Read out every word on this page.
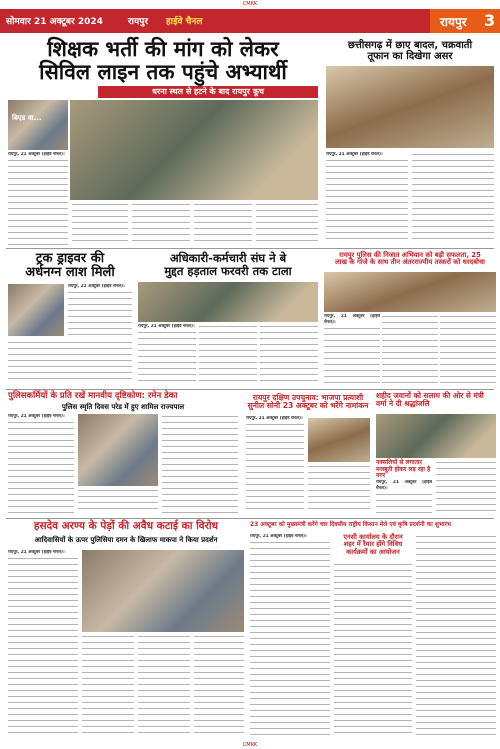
CMKK
सोमवार 21 अक्टूबर 2024	रायपुर हाईवे चैनल	रायपुर 3
शिक्षक भर्ती की मांग को लेकर
सिविल लाइन तक पहुंचे अभ्यार्थी
धरना स्थल से हटने के बाद रायपुर कूच
बिएड वा...
रायपुर, 21 अक्टूबर (हाईवे चैनल)।
छत्तीसगढ़ में छाए बादल, चक्रवाती
तूफान का दिखेगा असर
रायपुर, 21 अक्टूबर (हाईवे चैनल)।
ट्रक ड्राइवर की
अर्धनग्न लाश मिली
रायपुर, 21 अक्टूबर (हाईवे चैनल)।
अधिकारी-कर्मचारी संघ ने बे
मुद्दत हड़ताल फरवरी तक टाला
रायपुर, 21 अक्टूबर (हाईवे चैनल)।
रायपुर पुलिस की निजात अभियान को बड़ी सफलता, 25
लाख के गांजे के साथ तीन अंतरराज्यीय तस्करों को धरदबोचा
रायपुर, 21 अक्टूबर (हाईवे चैनल)।
पुलिसकर्मियों के प्रति रखें मानवीय दृष्टिकोण: रमेन डेका
पुलिस स्मृति दिवस परेड में हुए शामिल राज्यपाल
रायपुर, 21 अक्टूबर (हाईवे चैनल)।
रायपुर दक्षिण उपचुनाव: भाजपा प्रत्याशी
सुनील सोनी 23 अक्टूबर को भरेंगे नामांकन
रायपुर, 21 अक्टूबर (हाईवे चैनल)।
शहीद जवानों को सलाम की ओर से मंत्री वर्मा ने दी श्रद्धांजलि
नक्सलियों से लगातार मजबूती होकर लड़ रहा है नगर
रायपुर, 21 अक्टूबर (हाईवे चैनल)।
हसदेव अरण्य के पेड़ों की अवैध कटाई का विरोध
आदिवासियों के ऊपर पुलिसिया दमन के खिलाफ माकपा ने किया प्रदर्शन
रायपुर, 21 अक्टूबर (हाईवे चैनल)।
23 अक्टूबर को मुख्यमंत्री करेंगे चार दिवसीय राष्ट्रीय किसान मेले एवं कृषि प्रदर्शनी का शुभारंभ
रायपुर, 21 अक्टूबर (हाईवे चैनल)।	एनसी कार्यालय के दौरान
शहर में रैयार होंगे विविध
कार्यक्रमों का आयोजन
CMKK
